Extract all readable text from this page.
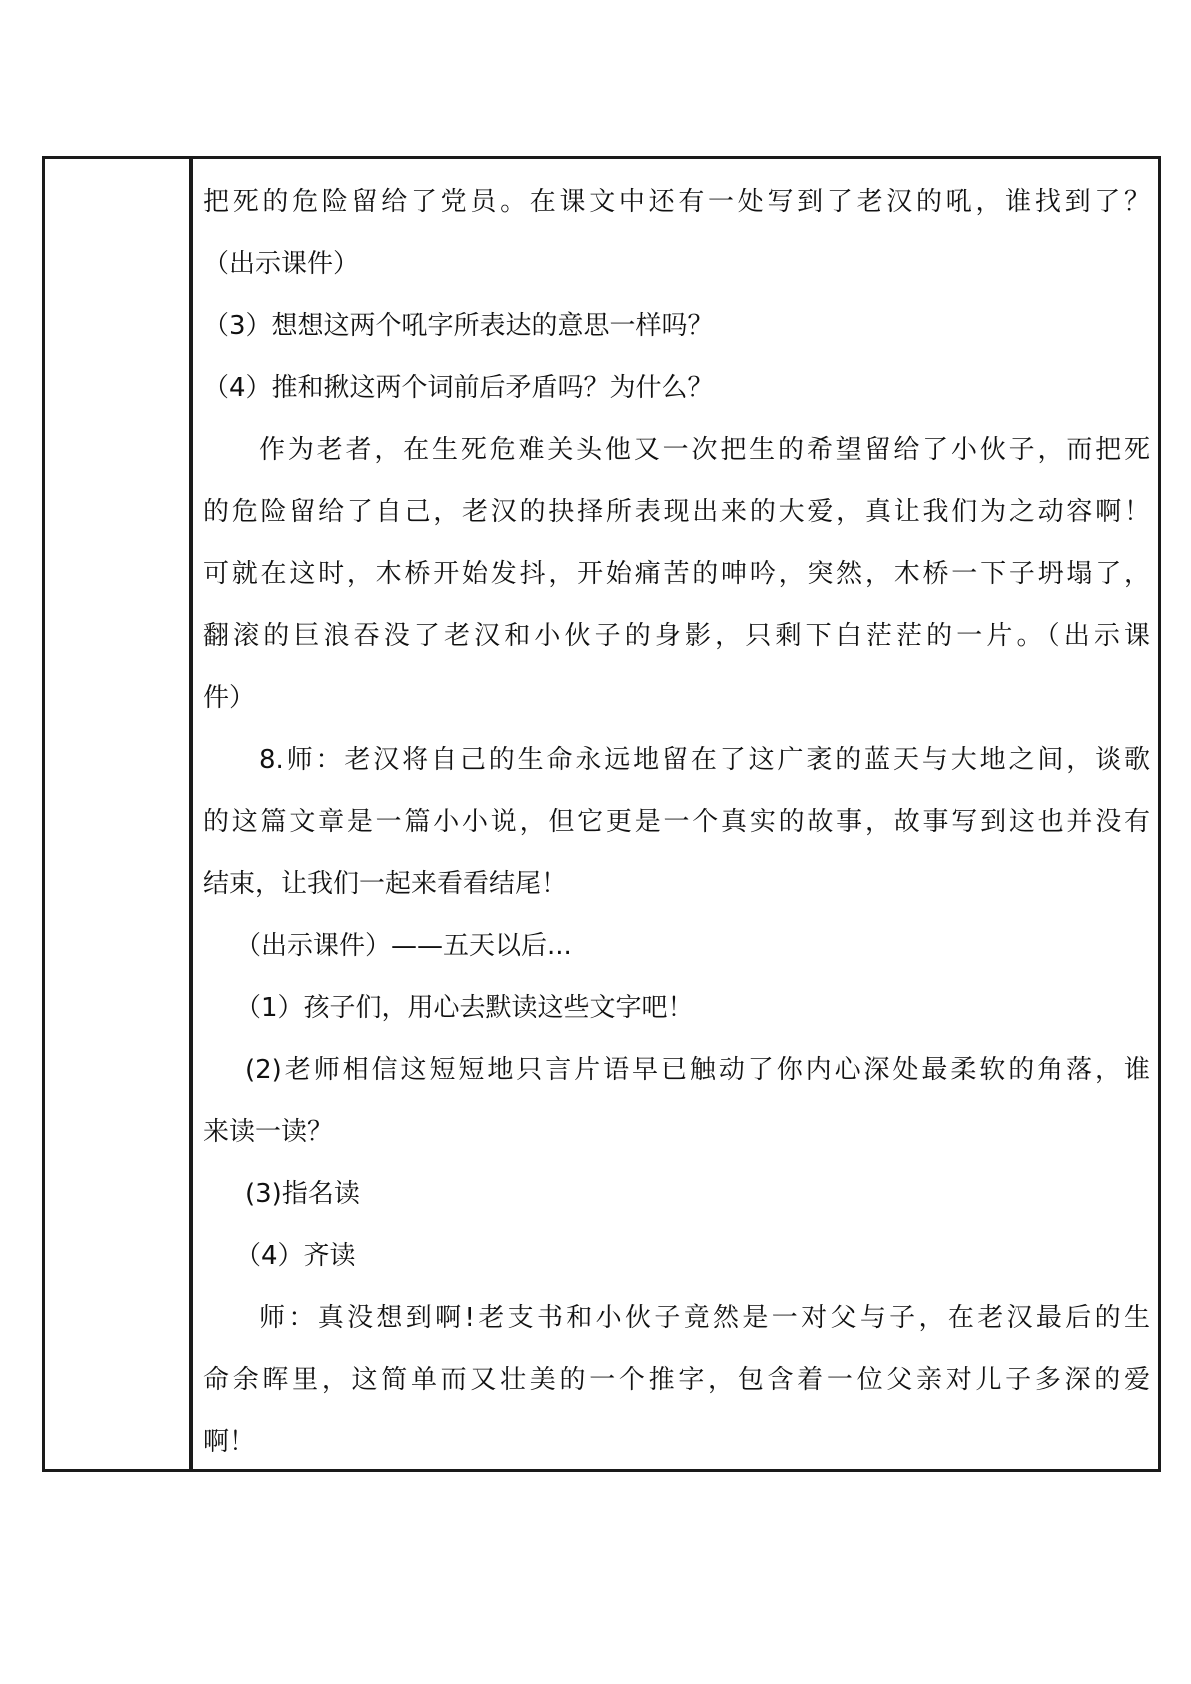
把死的危险留给了党员。在课文中还有一处写到了老汉的吼，谁找到了？
（出示课件）
（3）想想这两个吼字所表达的意思一样吗？
（4）推和揪这两个词前后矛盾吗？为什么？
作为老者，在生死危难关头他又一次把生的希望留给了小伙子，而把死
的危险留给了自己，老汉的抉择所表现出来的大爱，真让我们为之动容啊！
可就在这时，木桥开始发抖，开始痛苦的呻吟，突然，木桥一下子坍塌了，
翻滚的巨浪吞没了老汉和小伙子的身影，只剩下白茫茫的一片。（出示课
件）
8.师：老汉将自己的生命永远地留在了这广袤的蓝天与大地之间，谈歌
的这篇文章是一篇小小说，但它更是一个真实的故事，故事写到这也并没有
结束，让我们一起来看看结尾！
（出示课件）——五天以后...
（1）孩子们，用心去默读这些文字吧！
(2)老师相信这短短地只言片语早已触动了你内心深处最柔软的角落，谁
来读一读？
(3)指名读
（4）齐读
师：真没想到啊!老支书和小伙子竟然是一对父与子，在老汉最后的生
命余晖里，这简单而又壮美的一个推字，包含着一位父亲对儿子多深的爱
啊！
